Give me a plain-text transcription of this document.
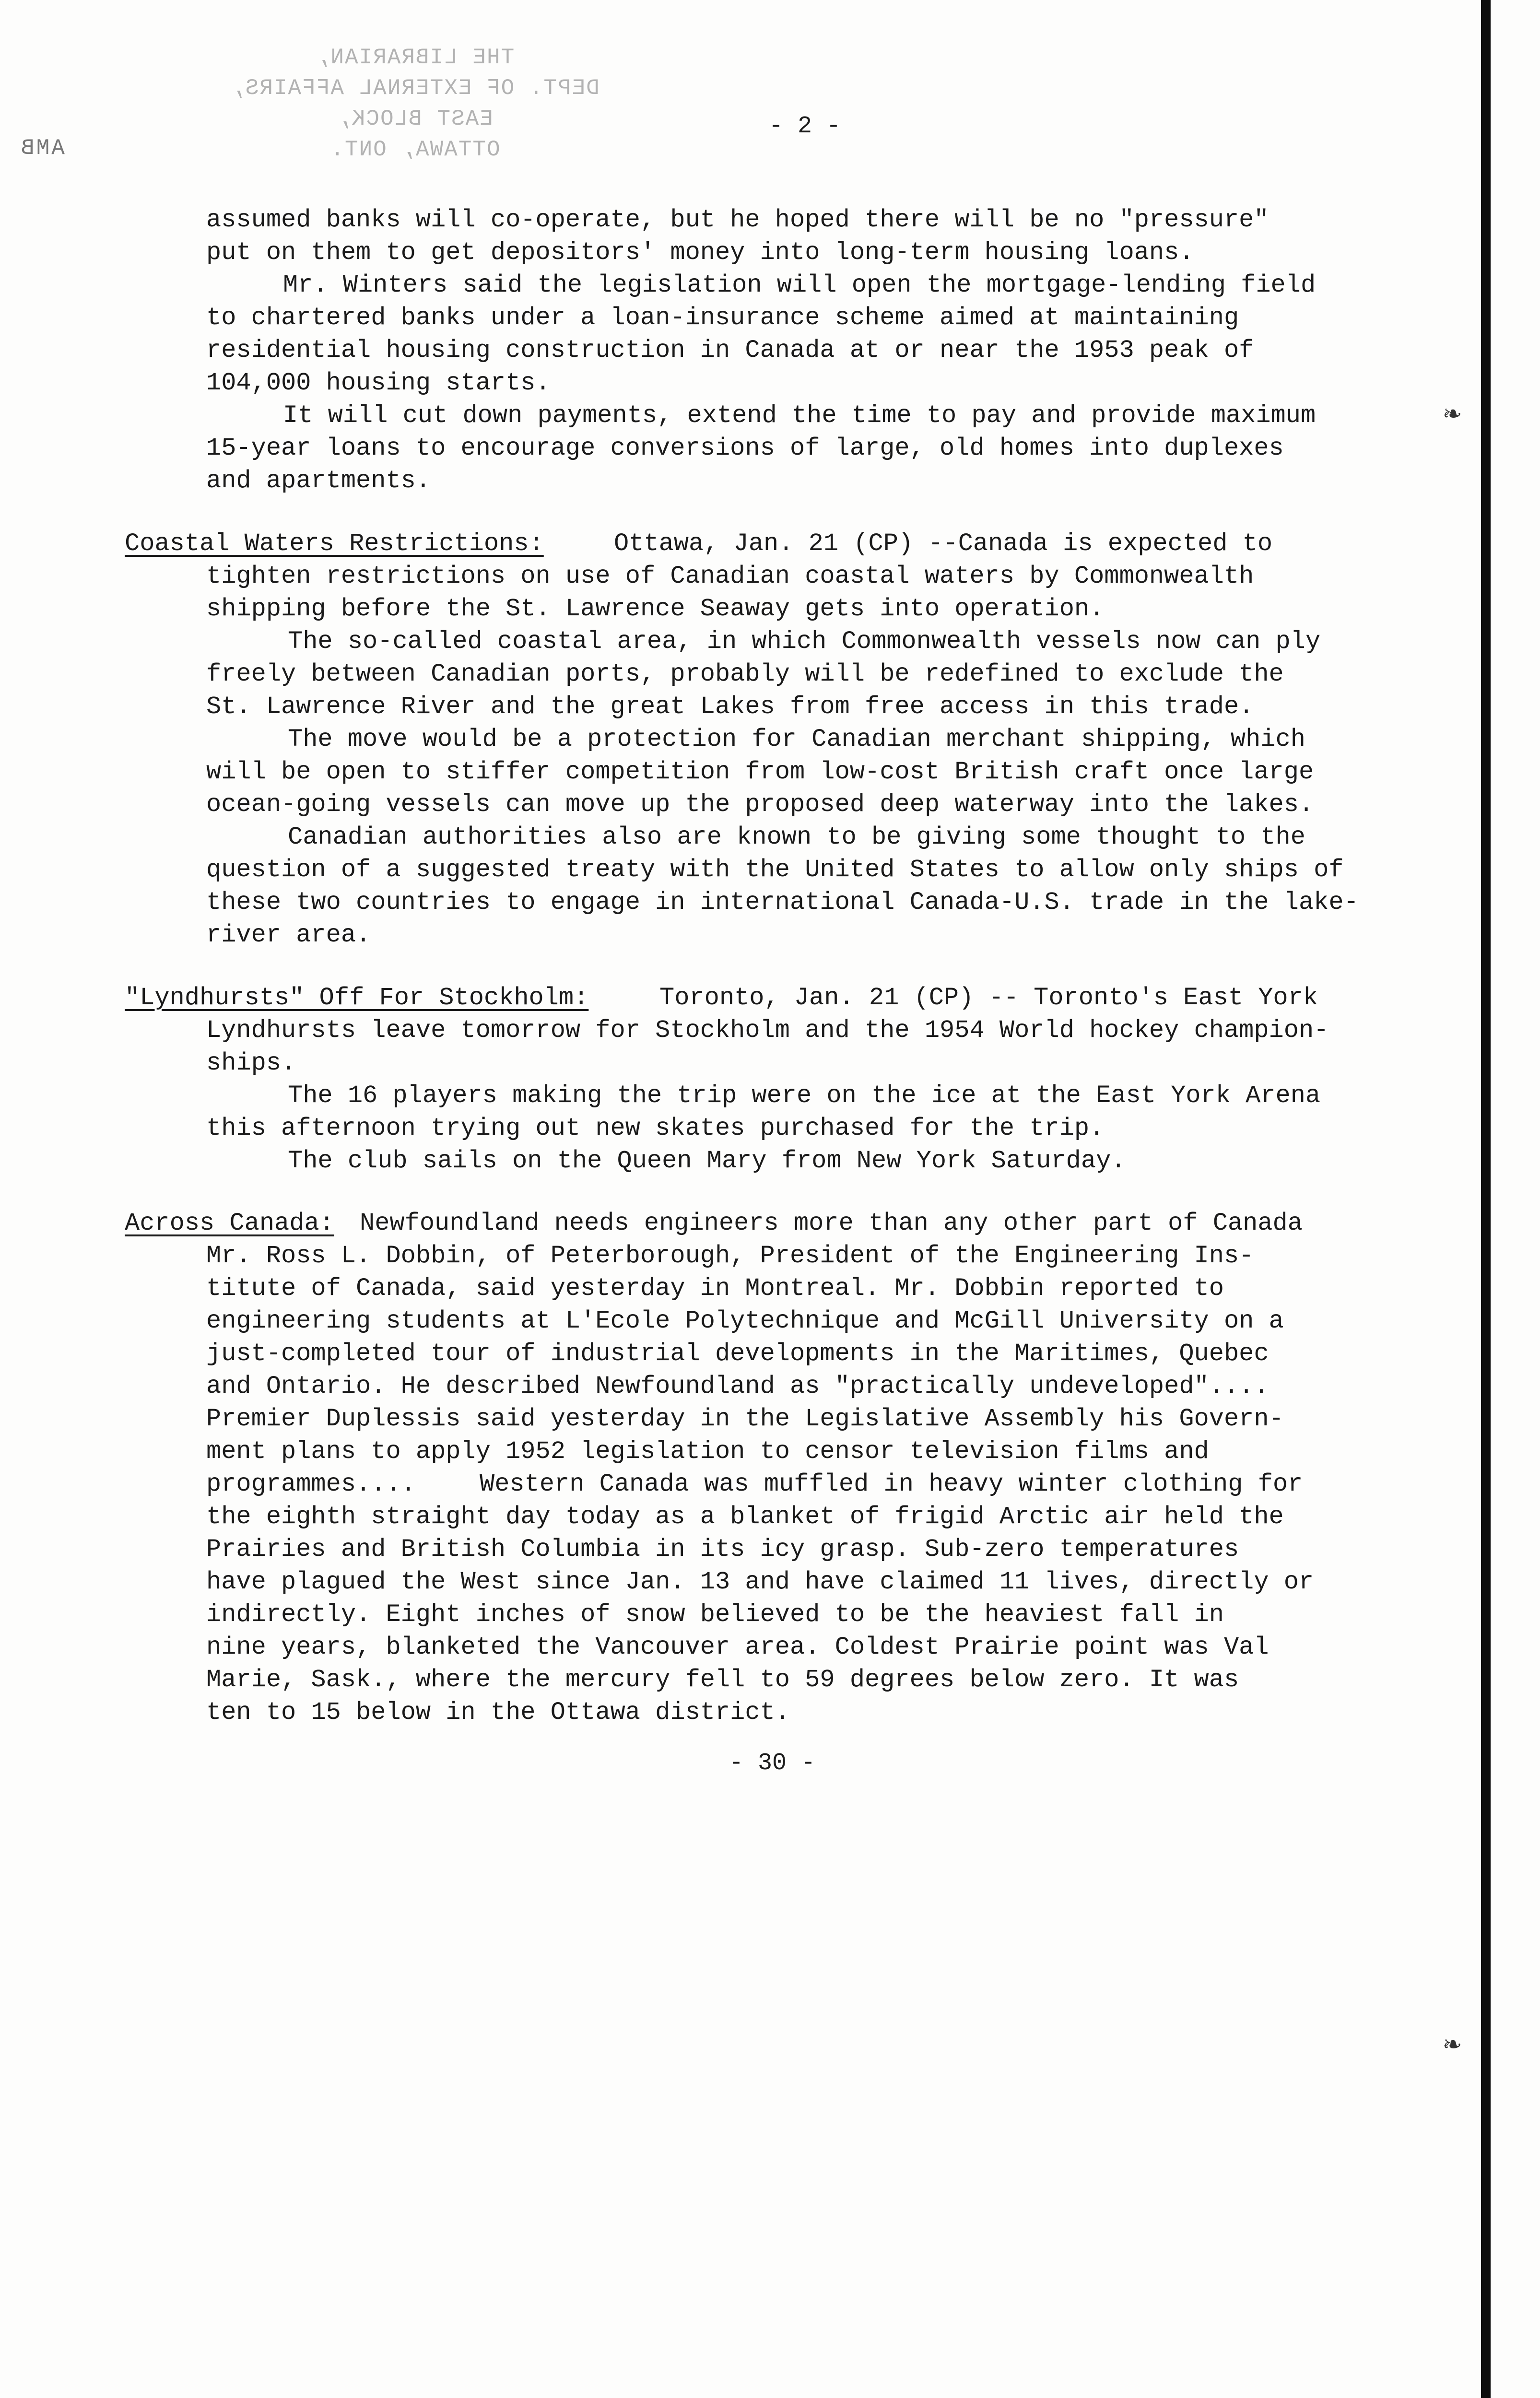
THE LIBRARIAN,
DEPT. OF EXTERNAL AFFAIRS,
EAST BLOCK,
OTTAWA, ONT.
AMB
- 2 -
assumed banks will co-operate, but he hoped there will be no "pressure"
put on them to get depositors' money into long-term housing loans.
Mr. Winters said the legislation will open the mortgage-lending field
to chartered banks under a loan-insurance scheme aimed at maintaining
residential housing construction in Canada at or near the 1953 peak of
104,000 housing starts.
It will cut down payments, extend the time to pay and provide maximum
15-year loans to encourage conversions of large, old homes into duplexes
and apartments.
Coastal Waters Restrictions:	Ottawa, Jan. 21 (CP) --Canada is expected to
tighten restrictions on use of Canadian coastal waters by Commonwealth
shipping before the St. Lawrence Seaway gets into operation.
The so-called coastal area, in which Commonwealth vessels now can ply
freely between Canadian ports, probably will be redefined to exclude the
St. Lawrence River and the great Lakes from free access in this trade.
The move would be a protection for Canadian merchant shipping, which
will be open to stiffer competition from low-cost British craft once large
ocean-going vessels can move up the proposed deep waterway into the lakes.
Canadian authorities also are known to be giving some thought to the
question of a suggested treaty with the United States to allow only ships of
these two countries to engage in international Canada-U.S. trade in the lake-
river area.
"Lyndhursts" Off For Stockholm:	Toronto, Jan. 21 (CP) -- Toronto's East York
Lyndhursts leave tomorrow for Stockholm and the 1954 World hockey champion-
ships.
The 16 players making the trip were on the ice at the East York Arena
this afternoon trying out new skates purchased for the trip.
The club sails on the Queen Mary from New York Saturday.
Across Canada: Newfoundland needs engineers more than any other part of Canada
Mr. Ross L. Dobbin, of Peterborough, President of the Engineering Ins-
titute of Canada, said yesterday in Montreal. Mr. Dobbin reported to
engineering students at L'Ecole Polytechnique and McGill University on a
just-completed tour of industrial developments in the Maritimes, Quebec
and Ontario. He described Newfoundland as "practically undeveloped"....
Premier Duplessis said yesterday in the Legislative Assembly his Govern-
ment plans to apply 1952 legislation to censor television films and
programmes....	Western Canada was muffled in heavy winter clothing for
the eighth straight day today as a blanket of frigid Arctic air held the
Prairies and British Columbia in its icy grasp. Sub-zero temperatures
have plagued the West since Jan. 13 and have claimed 11 lives, directly or
indirectly. Eight inches of snow believed to be the heaviest fall in
nine years, blanketed the Vancouver area. Coldest Prairie point was Val
Marie, Sask., where the mercury fell to 59 degrees below zero. It was
ten to 15 below in the Ottawa district.
- 30 -
❧
❧
